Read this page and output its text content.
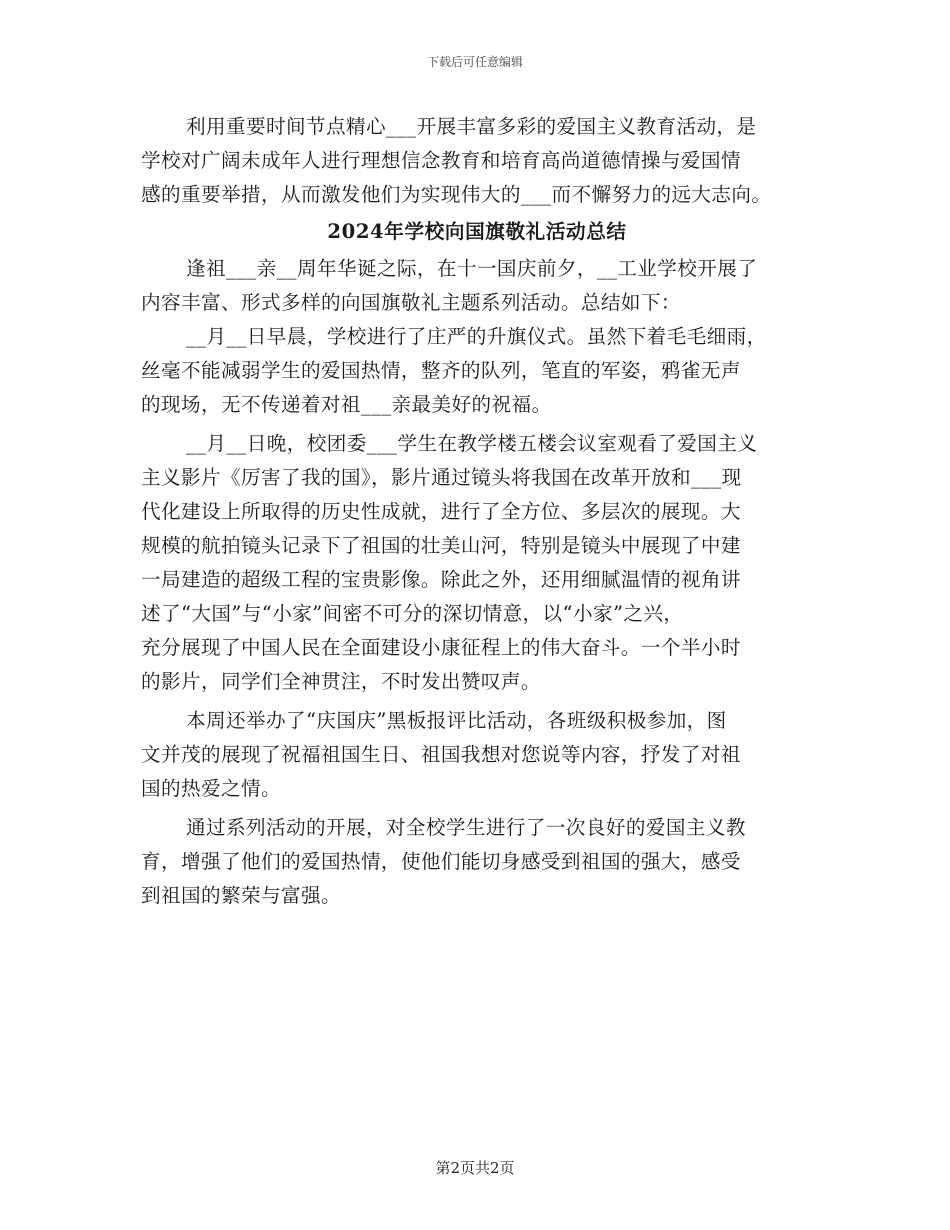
下载后可任意编辑
利用重要时间节点精心___开展丰富多彩的爱国主义教育活动，是
学校对广阔未成年人进行理想信念教育和培育高尚道德情操与爱国情
感的重要举措，从而激发他们为实现伟大的___而不懈努力的远大志向。
2024年学校向国旗敬礼活动总结
逢祖___亲__周年华诞之际，在十一国庆前夕，__工业学校开展了
内容丰富、形式多样的向国旗敬礼主题系列活动。总结如下：
__月__日早晨，学校进行了庄严的升旗仪式。虽然下着毛毛细雨，
丝毫不能减弱学生的爱国热情，整齐的队列，笔直的军姿，鸦雀无声
的现场，无不传递着对祖___亲最美好的祝福。
__月__日晚，校团委___学生在教学楼五楼会议室观看了爱国主义
主义影片《厉害了我的国》，影片通过镜头将我国在改革开放和___现
代化建设上所取得的历史性成就，进行了全方位、多层次的展现。大
规模的航拍镜头记录下了祖国的壮美山河，特别是镜头中展现了中建
一局建造的超级工程的宝贵影像。除此之外，还用细腻温情的视角讲
述了“大国”与“小家”间密不可分的深切情意，以“小家”之兴，
充分展现了中国人民在全面建设小康征程上的伟大奋斗。一个半小时
的影片，同学们全神贯注，不时发出赞叹声。
本周还举办了“庆国庆”黑板报评比活动，各班级积极参加，图
文并茂的展现了祝福祖国生日、祖国我想对您说等内容，抒发了对祖
国的热爱之情。
通过系列活动的开展，对全校学生进行了一次良好的爱国主义教
育，增强了他们的爱国热情，使他们能切身感受到祖国的强大，感受
到祖国的繁荣与富强。
第2页共2页
